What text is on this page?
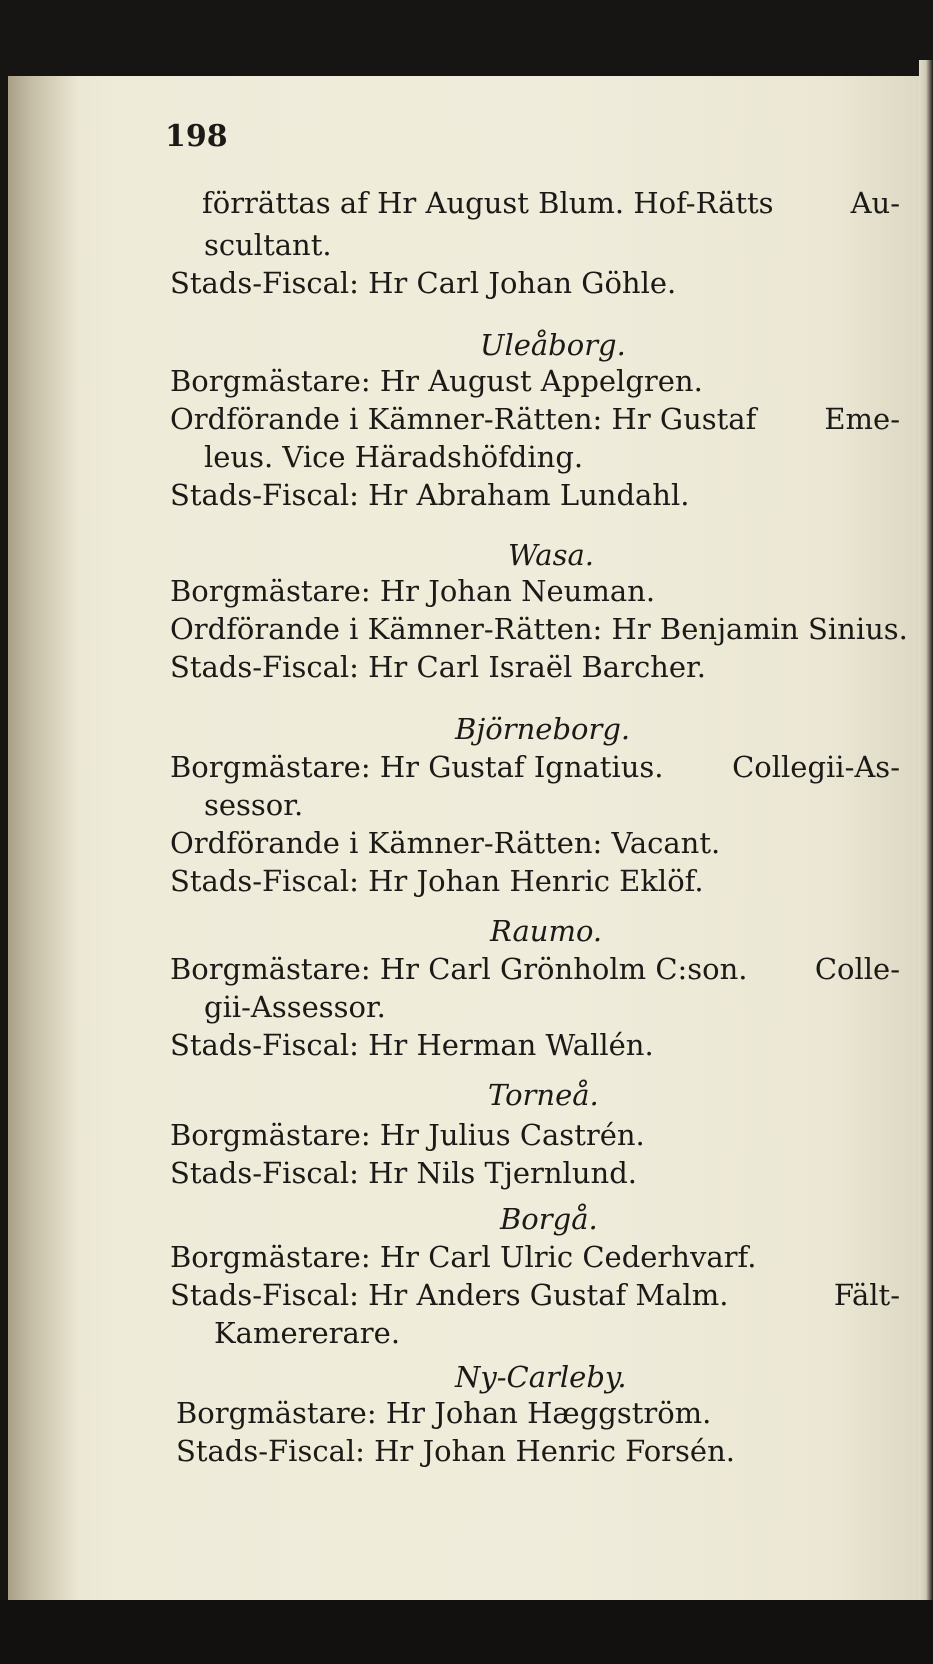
198
förrättas af Hr August Blum. Hof-Rätts	Au-
scultant.
Stads-Fiscal: Hr Carl Johan Göhle.
Uleåborg.
Borgmästare: Hr August Appelgren.
Ordförande i Kämner-Rätten: Hr Gustaf Eme-
leus. Vice Häradshöfding.
Stads-Fiscal: Hr Abraham Lundahl.
Wasa.
Borgmästare: Hr Johan Neuman.
Ordförande i Kämner-Rätten: Hr Benjamin Sinius.
Stads-Fiscal: Hr Carl Israël Barcher.
Björneborg.
Borgmästare: Hr Gustaf Ignatius. Collegii-As-
sessor.
Ordförande i Kämner-Rätten: Vacant.
Stads-Fiscal: Hr Johan Henric Eklöf.
Raumo.
Borgmästare: Hr Carl Grönholm C:son. Colle-
gii-Assessor.
Stads-Fiscal: Hr Herman Wallén.
Torneå.
Borgmästare: Hr Julius Castrén.
Stads-Fiscal: Hr Nils Tjernlund.
Borgå.
Borgmästare: Hr Carl Ulric Cederhvarf.
Stads-Fiscal: Hr Anders Gustaf Malm.	Fält-
Kamererare.
Ny-Carleby.
Borgmästare: Hr Johan Hæggström.
Stads-Fiscal: Hr Johan Henric Forsén.
